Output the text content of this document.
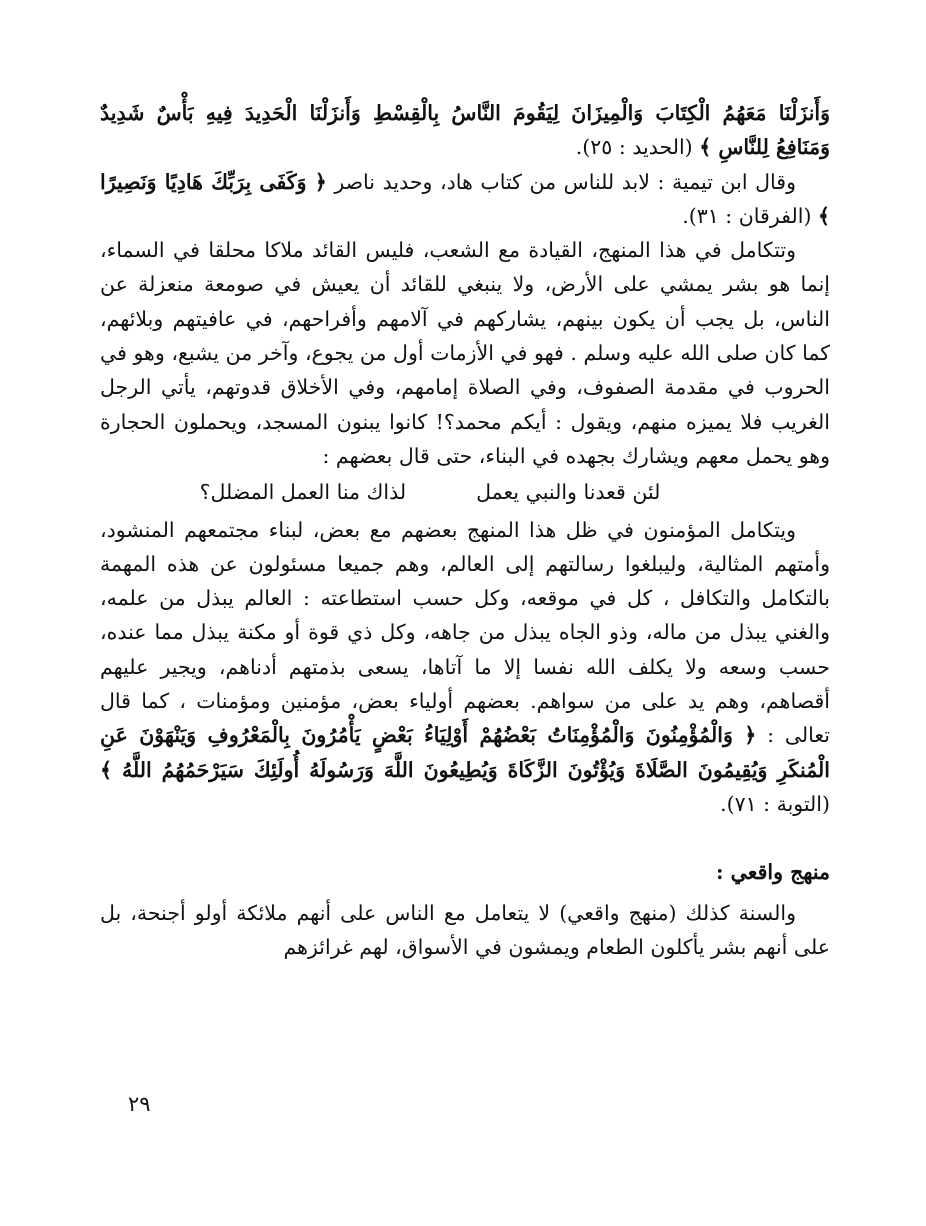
وَأَنزَلْنَا مَعَهُمُ الْكِتَابَ وَالْمِيزَانَ لِيَقُومَ النَّاسُ بِالْقِسْطِ وَأَنزَلْنَا الْحَدِيدَ فِيهِ بَأْسٌ شَدِيدٌ وَمَنَافِعُ لِلنَّاسِ ﴾ (الحديد : ٢٥).

وقال ابن تيمية : لابد للناس من كتاب هاد، وحديد ناصر ﴿ وَكَفَى بِرَبِّكَ هَادِيًا وَنَصِيرًا ﴾ (الفرقان : ٣١).

وتتكامل في هذا المنهج، القيادة مع الشعب، فليس القائد ملاكا محلقا في السماء، إنما هو بشر يمشي على الأرض، ولا ينبغي للقائد أن يعيش في صومعة منعزلة عن الناس، بل يجب أن يكون بينهم، يشاركهم في آلامهم وأفراحهم، في عافيتهم وبلائهم، كما كان صلى الله عليه وسلم . فهو في الأزمات أول من يجوع، وآخر من يشبع، وهو في الحروب في مقدمة الصفوف، وفي الصلاة إمامهم، وفي الأخلاق قدوتهم، يأتي الرجل الغريب فلا يميزه منهم، ويقول : أيكم محمد؟! كانوا يبنون المسجد، ويحملون الحجارة وهو يحمل معهم ويشارك بجهده في البناء، حتى قال بعضهم :

لئن قعدنا والنبي يعمل
لذاك منا العمل المضلل؟

ويتكامل المؤمنون في ظل هذا المنهج بعضهم مع بعض، لبناء مجتمعهم المنشود، وأمتهم المثالية، وليبلغوا رسالتهم إلى العالم، وهم جميعا مسئولون عن هذه المهمة بالتكامل والتكافل ، كل في موقعه، وكل حسب استطاعته : العالم يبذل من علمه، والغني يبذل من ماله، وذو الجاه يبذل من جاهه، وكل ذي قوة أو مكنة يبذل مما عنده، حسب وسعه ولا يكلف الله نفسا إلا ما آتاها، يسعى بذمتهم أدناهم، ويجير عليهم أقصاهم، وهم يد على من سواهم. بعضهم أولياء بعض، مؤمنين ومؤمنات ، كما قال تعالى : ﴿ وَالْمُؤْمِنُونَ وَالْمُؤْمِنَاتُ بَعْضُهُمْ أَوْلِيَاءُ بَعْضٍ يَأْمُرُونَ بِالْمَعْرُوفِ وَيَنْهَوْنَ عَنِ الْمُنكَرِ وَيُقِيمُونَ الصَّلَاةَ وَيُؤْتُونَ الزَّكَاةَ وَيُطِيعُونَ اللَّهَ وَرَسُولَهُ أُولَئِكَ سَيَرْحَمُهُمُ اللَّهُ ﴾ (التوبة : ٧١).

منهج واقعي :

والسنة كذلك (منهج واقعي) لا يتعامل مع الناس على أنهم ملائكة أولو أجنحة، بل على أنهم بشر يأكلون الطعام ويمشون في الأسواق، لهم غرائزهم

٢٩
